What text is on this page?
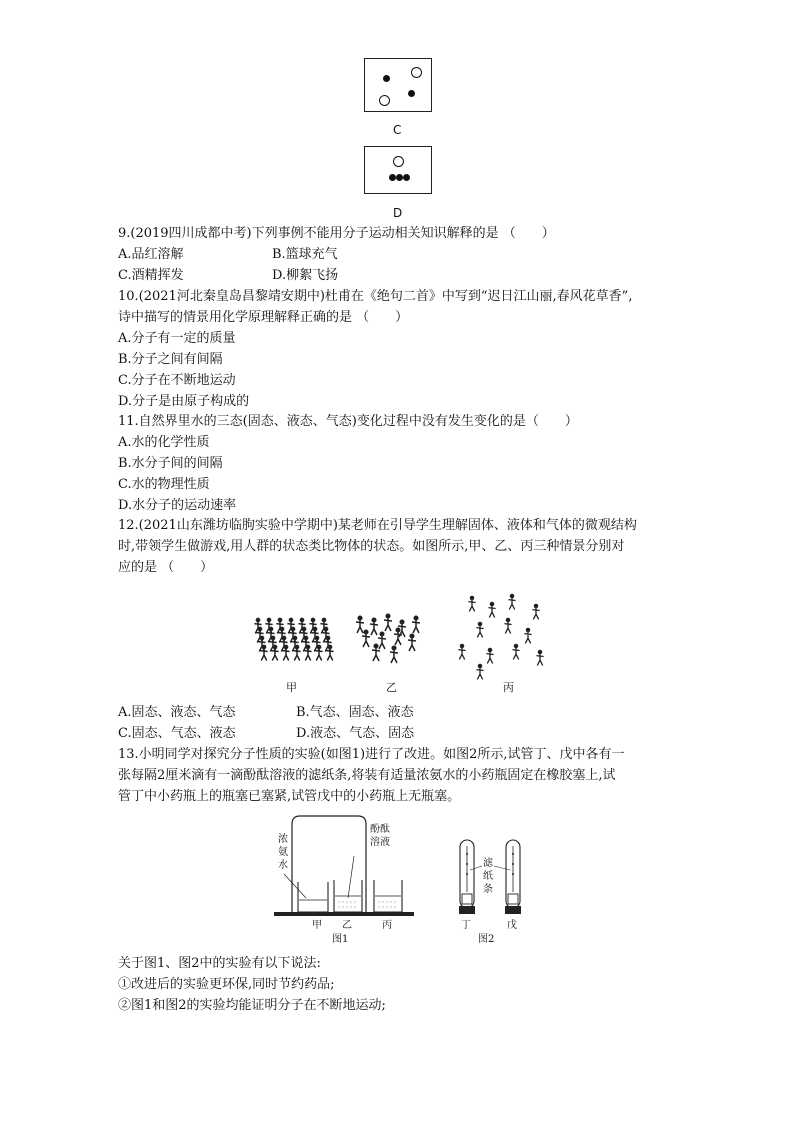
C
D
9.(2019四川成都中考)下列事例不能用分子运动相关知识解释的是 （　　）
A.品红溶解	B.篮球充气
C.酒精挥发	D.柳絮飞扬
10.(2021河北秦皇岛昌黎靖安期中)杜甫在《绝句二首》中写到“迟日江山丽,春风花草香”,
诗中描写的情景用化学原理解释正确的是 （　　）
A.分子有一定的质量
B.分子之间有间隔
C.分子在不断地运动
D.分子是由原子构成的
11.自然界里水的三态(固态、液态、气态)变化过程中没有发生变化的是（　　）
A.水的化学性质
B.水分子间的间隔
C.水的物理性质
D.水分子的运动速率
12.(2021山东潍坊临朐实验中学期中)某老师在引导学生理解固体、液体和气体的微观结构
时,带领学生做游戏,用人群的状态类比物体的状态。如图所示,甲、乙、丙三种情景分别对
应的是 （　　）
甲	乙	丙
A.固态、液态、气态	B.气态、固态、液态
C.固态、气态、液态	D.液态、气态、固态
13.小明同学对探究分子性质的实验(如图1)进行了改进。如图2所示,试管丁、戊中各有一
张每隔2厘米滴有一滴酚酞溶液的滤纸条,将装有适量浓氨水的小药瓶固定在橡胶塞上,试
管丁中小药瓶上的瓶塞已塞紧,试管戊中的小药瓶上无瓶塞。
浓
氨
水
酚酞
溶液
甲 乙	丙
图1
滤
纸
条
丁	戊
图2
关于图1、图2中的实验有以下说法:
①改进后的实验更环保,同时节约药品;
②图1和图2的实验均能证明分子在不断地运动;
